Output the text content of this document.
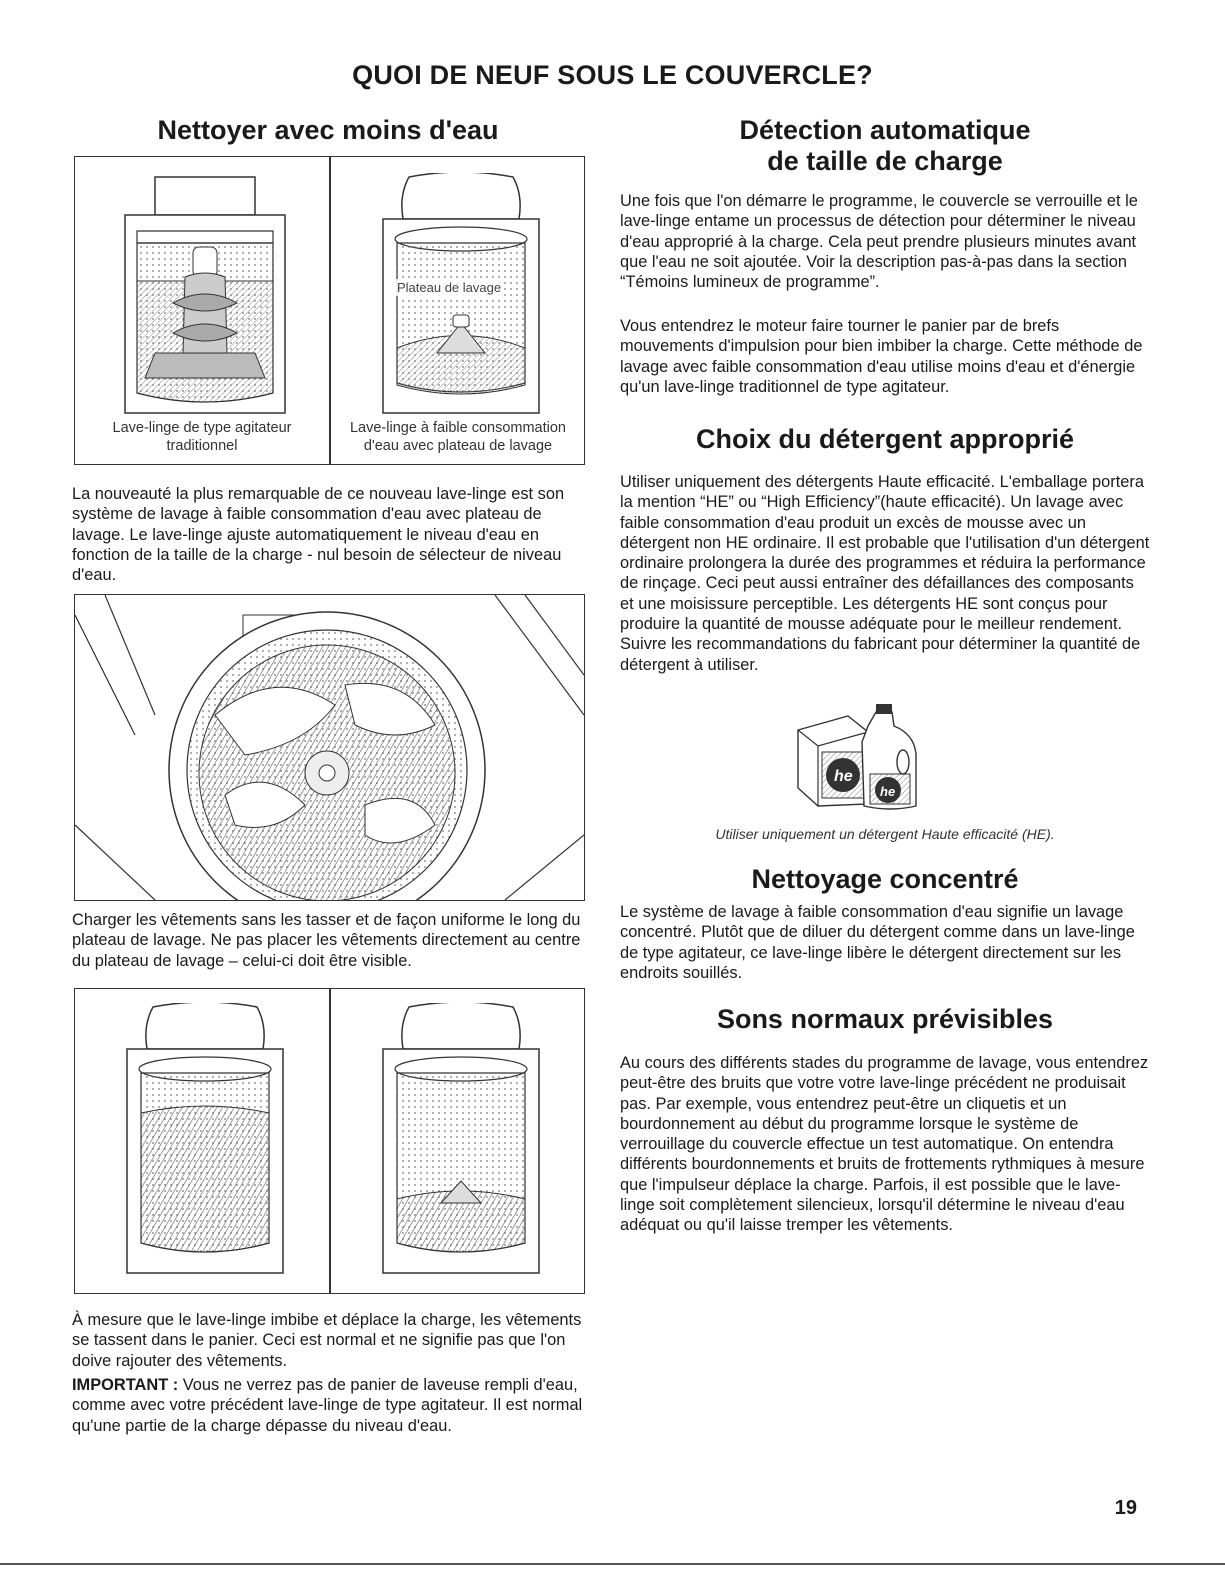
QUOI DE NEUF SOUS LE COUVERCLE?
Nettoyer avec moins d'eau
Plateau de lavage
Lave-linge de type agitateur
traditionnel
Lave-linge à faible consommation
d'eau avec plateau de lavage

La nouveauté la plus remarquable de ce nouveau lave-linge est son système de lavage à faible consommation d'eau avec plateau de lavage. Le lave-linge ajuste automatiquement le niveau d'eau en fonction de la taille de la charge - nul besoin de sélecteur de niveau d'eau.

Charger les vêtements sans les tasser et de façon uniforme le long du plateau de lavage. Ne pas placer les vêtements directement au centre du plateau de lavage – celui-ci doit être visible.

À mesure que le lave-linge imbibe et déplace la charge, les vêtements se tassent dans le panier. Ceci est normal et ne signifie pas que l'on doive rajouter des vêtements.

IMPORTANT : Vous ne verrez pas de panier de laveuse rempli d'eau, comme avec votre précédent lave-linge de type agitateur. Il est normal qu'une partie de la charge dépasse du niveau d'eau.

Détection automatique
de taille de charge

Une fois que l'on démarre le programme, le couvercle se verrouille et le lave-linge entame un processus de détection pour déterminer le niveau d'eau approprié à la charge. Cela peut prendre plusieurs minutes avant que l'eau ne soit ajoutée. Voir la description pas-à-pas dans la section “Témoins lumineux de programme”.

Vous entendrez le moteur faire tourner le panier par de brefs mouvements d'impulsion pour bien imbiber la charge. Cette méthode de lavage avec faible consommation d'eau utilise moins d'eau et d'énergie qu'un lave-linge traditionnel de type agitateur.

Choix du détergent approprié

Utiliser uniquement des détergents Haute efficacité. L'emballage portera la mention “HE” ou “High Efficiency”(haute efficacité). Un lavage avec faible consommation d'eau produit un excès de mousse avec un détergent non HE ordinaire. Il est probable que l'utilisation d'un détergent ordinaire prolongera la durée des programmes et réduira la performance de rinçage. Ceci peut aussi entraîner des défaillances des composants et une moisissure perceptible. Les détergents HE sont conçus pour produire la quantité de mousse adéquate pour le meilleur rendement. Suivre les recommandations du fabricant pour déterminer la quantité de détergent à utiliser.

he
he
Utiliser uniquement un détergent Haute efficacité (HE).
Nettoyage concentré

Le système de lavage à faible consommation d'eau signifie un lavage concentré. Plutôt que de diluer du détergent comme dans un lave-linge de type agitateur, ce lave-linge libère le détergent directement sur les endroits souillés.

Sons normaux prévisibles

Au cours des différents stades du programme de lavage, vous entendrez peut-être des bruits que votre votre lave-linge précédent ne produisait pas. Par exemple, vous entendrez peut-être un cliquetis et un bourdonnement au début du programme lorsque le système de verrouillage du couvercle effectue un test automatique. On entendra différents bourdonnements et bruits de frottements rythmiques à mesure que l'impulseur déplace la charge. Parfois, il est possible que le lave-linge soit complètement silencieux, lorsqu'il détermine le niveau d'eau adéquat ou qu'il laisse tremper les vêtements.

19
